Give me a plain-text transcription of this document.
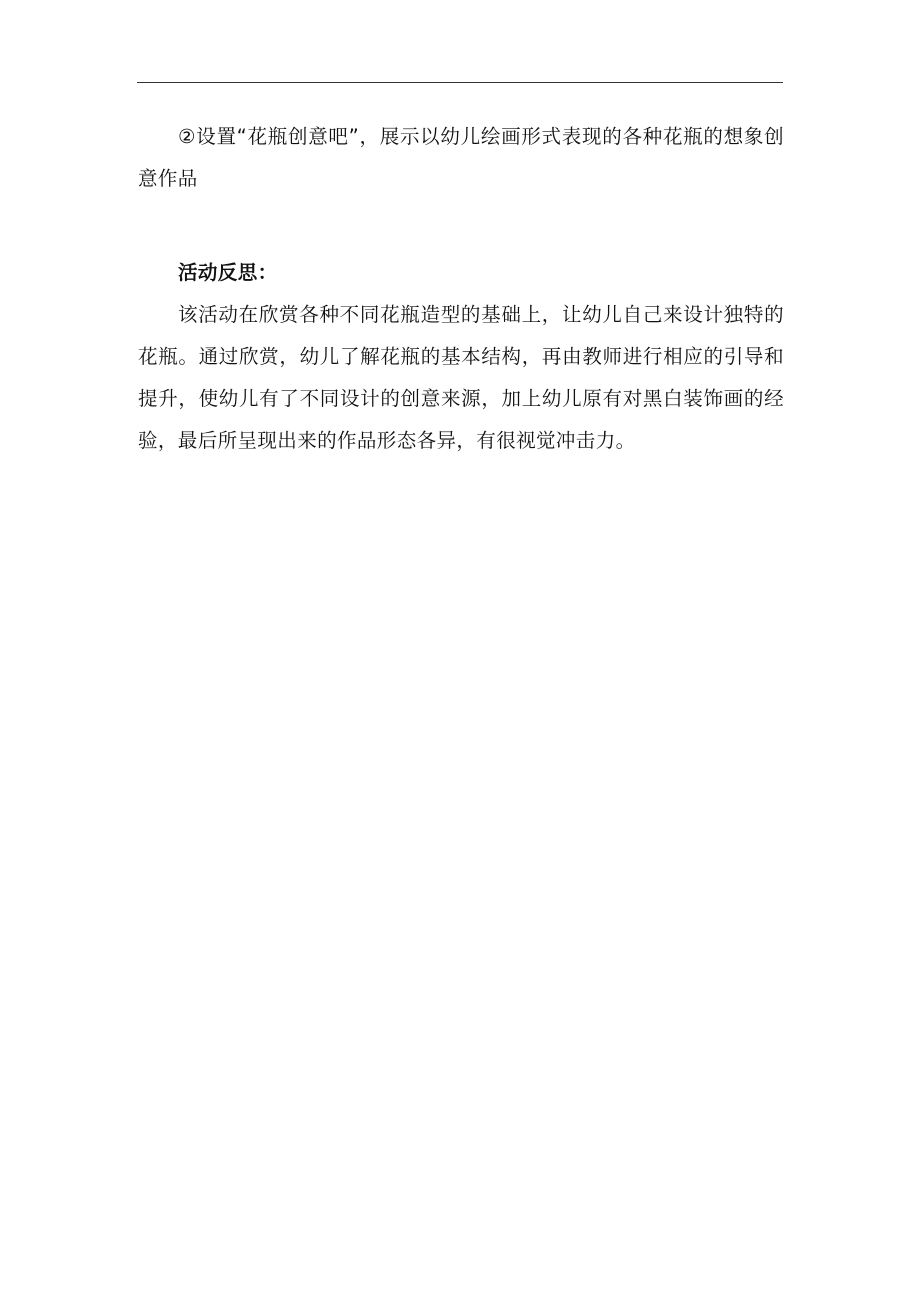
②设置“花瓶创意吧”，展示以幼儿绘画形式表现的各种花瓶的想象创意作品

活动反思：

该活动在欣赏各种不同花瓶造型的基础上，让幼儿自己来设计独特的花瓶。通过欣赏，幼儿了解花瓶的基本结构，再由教师进行相应的引导和提升，使幼儿有了不同设计的创意来源，加上幼儿原有对黑白装饰画的经验，最后所呈现出来的作品形态各异，有很视觉冲击力。
